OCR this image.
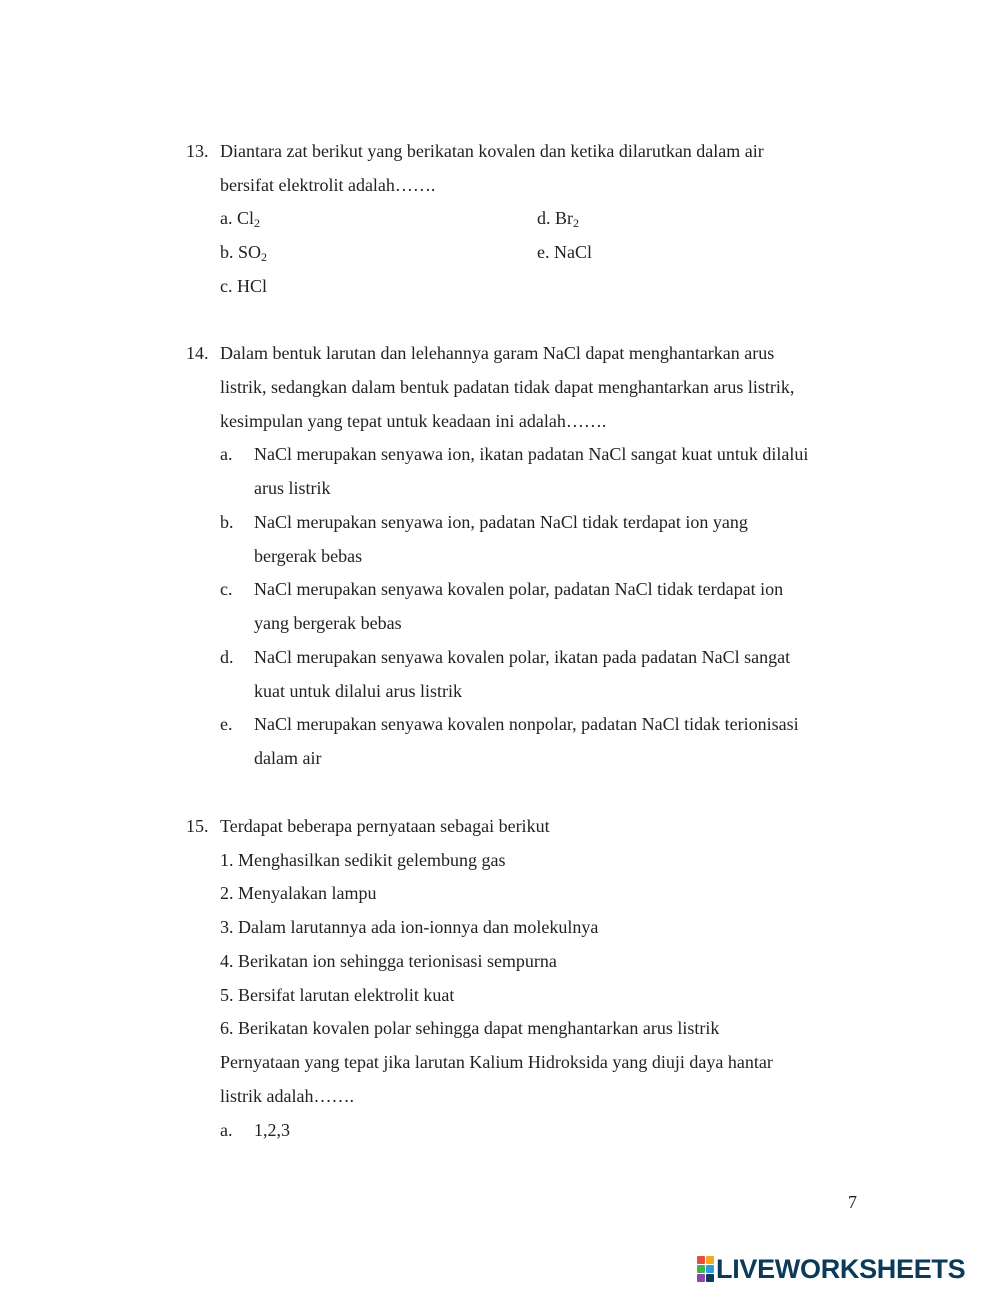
13. Diantara zat berikut yang berikatan kovalen dan ketika dilarutkan dalam air
bersifat elektrolit adalah…….
a. $Cl_2$	d. $Br_2$
b. $SO_2$	e. NaCl
c. HCl
14. Dalam bentuk larutan dan lelehannya garam NaCl dapat menghantarkan arus
listrik, sedangkan dalam bentuk padatan tidak dapat menghantarkan arus listrik,
kesimpulan yang tepat untuk keadaan ini adalah…….
a. NaCl merupakan senyawa ion, ikatan padatan NaCl sangat kuat untuk dilalui
arus listrik
b. NaCl merupakan senyawa ion, padatan NaCl tidak terdapat ion yang
bergerak bebas
c. NaCl merupakan senyawa kovalen polar, padatan NaCl tidak terdapat ion
yang bergerak bebas
d. NaCl merupakan senyawa kovalen polar, ikatan pada padatan NaCl sangat
kuat untuk dilalui arus listrik
e. NaCl merupakan senyawa kovalen nonpolar, padatan NaCl tidak terionisasi
dalam air
15. Terdapat beberapa pernyataan sebagai berikut
1. Menghasilkan sedikit gelembung gas
2. Menyalakan lampu
3. Dalam larutannya ada ion-ionnya dan molekulnya
4. Berikatan ion sehingga terionisasi sempurna
5. Bersifat larutan elektrolit kuat
6. Berikatan kovalen polar sehingga dapat menghantarkan arus listrik
Pernyataan yang tepat jika larutan Kalium Hidroksida yang diuji daya hantar
listrik adalah…….
a. 1,2,3
7
LIVEWORKSHEETS
